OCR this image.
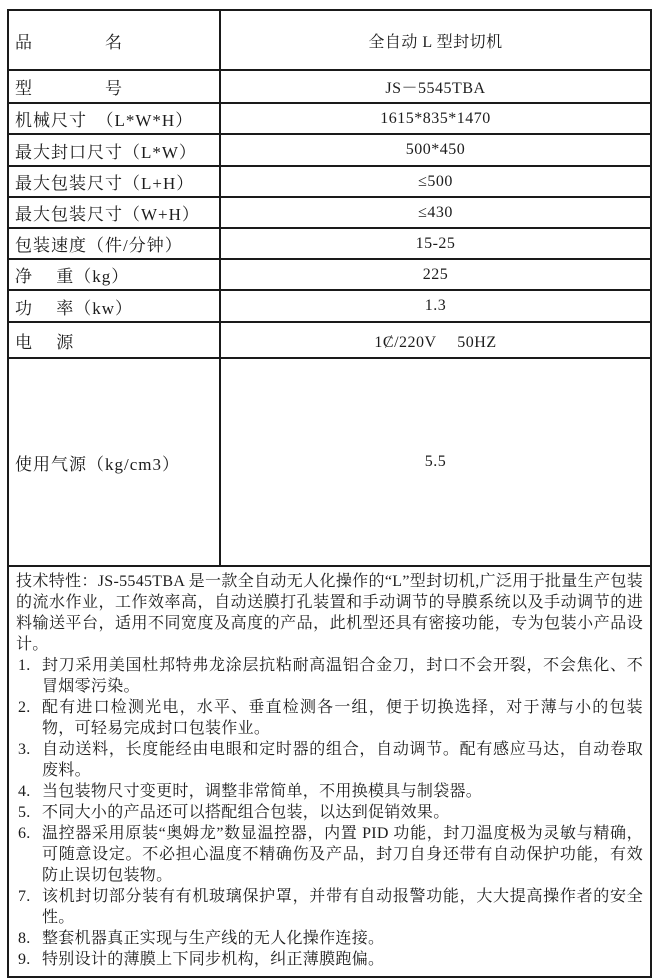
品　　　　名	全自动 L 型封切机
型　　　　号	JS－5545TBA
机械尺寸　（L*W*H）	1615*835*1470
最大封口尺寸（L*W）	500*450
最大包装尺寸（L+H）	≤500
最大包装尺寸（W+H）	≤430
包装速度（件/分钟）	15-25
净　 重（kg）	225
功　 率（kw）	1.3
电　 源	1Ȼ/220V　 50HZ
使用气源（kg/cm3）	5.5

技术特性：JS-5545TBA 是一款全自动无人化操作的“L”型封切机,广泛用于批量生产包装的流水作业，工作效率高，自动送膜打孔装置和手动调节的导膜系统以及手动调节的进料输送平台，适用不同宽度及高度的产品，此机型还具有密接功能，专为包装小产品设计。

1. 封刀采用美国杜邦特弗龙涂层抗粘耐高温铝合金刀，封口不会开裂，不会焦化、不冒烟零污染。
2. 配有进口检测光电，水平、垂直检测各一组，便于切换选择，对于薄与小的包装物，可轻易完成封口包装作业。
3. 自动送料，长度能经由电眼和定时器的组合，自动调节。配有感应马达，自动卷取废料。
4. 当包装物尺寸变更时，调整非常简单，不用换模具与制袋器。
5. 不同大小的产品还可以搭配组合包装，以达到促销效果。
6. 温控器采用原装“奥姆龙”数显温控器，内置 PID 功能，封刀温度极为灵敏与精确，可随意设定。不必担心温度不精确伤及产品，封刀自身还带有自动保护功能，有效防止误切包装物。
7. 该机封切部分装有有机玻璃保护罩，并带有自动报警功能，大大提高操作者的安全性。
8. 整套机器真正实现与生产线的无人化操作连接。
9. 特别设计的薄膜上下同步机构，纠正薄膜跑偏。
